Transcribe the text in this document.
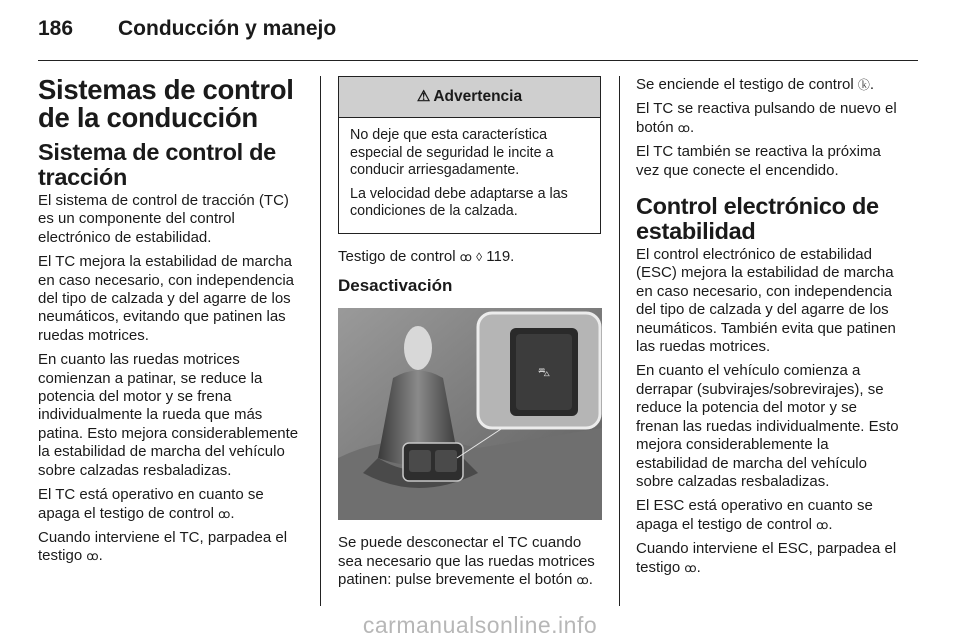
186 Conducción y manejo
Sistemas de control de la conducción
Sistema de control de tracción

El sistema de control de tracción (TC) es un componente del control electrónico de estabilidad.

El TC mejora la estabilidad de marcha en caso necesario, con independencia del tipo de calzada y del agarre de los neumáticos, evitando que patinen las ruedas motrices.

En cuanto las ruedas motrices comienzan a patinar, se reduce la potencia del motor y se frena individualmente la rueda que más patina. Esto mejora considerablemente la estabilidad de marcha del vehículo sobre calzadas resbaladizas.

El TC está operativo en cuanto se apaga el testigo de control ꝏ.

Cuando interviene el TC, parpadea el testigo ꝏ.

⚠ Advertencia

No deje que esta característica especial de seguridad le incite a conducir arriesgadamente.

La velocidad debe adaptarse a las condiciones de la calzada.

Testigo de control ꝏ ◊ 119.

Desactivación
⛍

Se puede desconectar el TC cuando sea necesario que las ruedas motrices patinen: pulse brevemente el botón ꝏ.

Se enciende el testigo de control ⓚ.

El TC se reactiva pulsando de nuevo el botón ꝏ.

El TC también se reactiva la próxima vez que conecte el encendido.

Control electrónico de estabilidad

El control electrónico de estabilidad (ESC) mejora la estabilidad de marcha en caso necesario, con independencia del tipo de calzada y del agarre de los neumáticos. También evita que patinen las ruedas motrices.

En cuanto el vehículo comienza a derrapar (subvirajes/sobrevirajes), se reduce la potencia del motor y se frenan las ruedas individualmente. Esto mejora considerablemente la estabilidad de marcha del vehículo sobre calzadas resbaladizas.

El ESC está operativo en cuanto se apaga el testigo de control ꝏ.

Cuando interviene el ESC, parpadea el testigo ꝏ.

carmanualsonline.info
